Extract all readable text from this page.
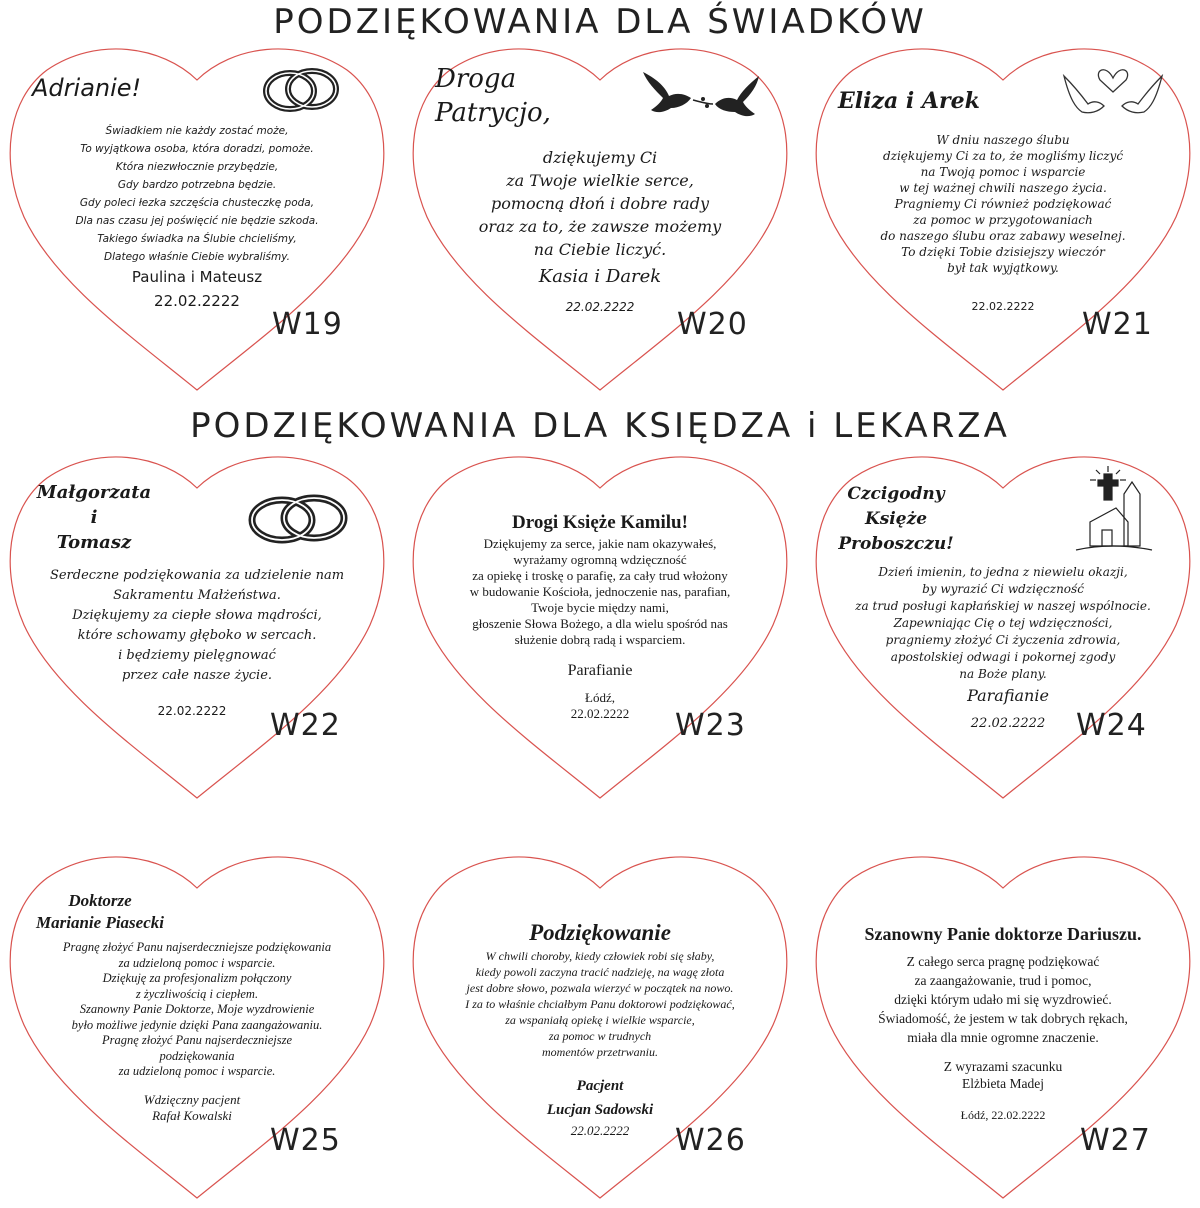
PODZIĘKOWANIA DLA ŚWIADKÓW
PODZIĘKOWANIA DLA KSIĘDZA i LEKARZA
Adrianie!
Świadkiem nie każdy zostać może,
To wyjątkowa osoba, która doradzi, pomoże.
Która niezwłocznie przybędzie,
Gdy bardzo potrzebna będzie.
Gdy poleci łezka szczęścia chusteczkę poda,
Dla nas czasu jej poświęcić nie będzie szkoda.
Takiego świadka na Ślubie chcieliśmy,
Dlatego właśnie Ciebie wybraliśmy.
Paulina i Mateusz
22.02.2222
W19
Droga
Patrycjo,
dziękujemy Ci
za Twoje wielkie serce,
pomocną dłoń i dobre rady
oraz za to, że zawsze możemy
na Ciebie liczyć.
Kasia i Darek
22.02.2222	W20
Eliza i Arek
W dniu naszego ślubu
dziękujemy Ci za to, że mogliśmy liczyć
na Twoją pomoc i wsparcie
w tej ważnej chwili naszego życia.
Pragniemy Ci również podziękować
za pomoc w przygotowaniach
do naszego ślubu oraz zabawy weselnej.
To dzięki Tobie dzisiejszy wieczór
był tak wyjątkowy.
22.02.2222
W21
Małgorzata
i
Tomasz
Serdeczne podziękowania za udzielenie nam
Sakramentu Małżeństwa.
Dziękujemy za ciepłe słowa mądrości,
które schowamy głęboko w sercach.
i będziemy pielęgnować
przez całe nasze życie.
22.02.2222	W22
Drogi Księże Kamilu!
Dziękujemy za serce, jakie nam okazywałeś,
wyrażamy ogromną wdzięczność
za opiekę i troskę o parafię, za cały trud włożony
w budowanie Kościoła, jednoczenie nas, parafian,
Twoje bycie między nami,
głoszenie Słowa Bożego, a dla wielu spośród nas
służenie dobrą radą i wsparciem.
Parafianie
Łódź,
22.02.2222	W23
Czcigodny
Księże
Proboszczu!
Dzień imienin, to jedna z niewielu okazji,
by wyrazić Ci wdzięczność
za trud posługi kapłańskiej w naszej wspólnocie.
Zapewniając Cię o tej wdzięczności,
pragniemy złożyć Ci życzenia zdrowia,
apostolskiej odwagi i pokornej zgody
na Boże plany.
Parafianie
22.02.2222	W24
Doktorze
Marianie Piasecki
Pragnę złożyć Panu najserdeczniejsze podziękowania
za udzieloną pomoc i wsparcie.
Dziękuję za profesjonalizm połączony
z życzliwością i ciepłem.
Szanowny Panie Doktorze, Moje wyzdrowienie
było możliwe jedynie dzięki Pana zaangażowaniu.
Pragnę złożyć Panu najserdeczniejsze
podziękowania
za udzieloną pomoc i wsparcie.
Wdzięczny pacjent
Rafał Kowalski
W25
Podziękowanie
W chwili choroby, kiedy człowiek robi się słaby,
kiedy powoli zaczyna tracić nadzieję, na wagę złota
jest dobre słowo, pozwala wierzyć w początek na nowo.
I za to właśnie chciałbym Panu doktorowi podziękować,
za wspaniałą opiekę i wielkie wsparcie,
za pomoc w trudnych
momentów przetrwaniu.
Pacjent
Lucjan Sadowski
22.02.2222	W26
Szanowny Panie doktorze Dariuszu.
Z całego serca pragnę podziękować
za zaangażowanie, trud i pomoc,
dzięki którym udało mi się wyzdrowieć.
Świadomość, że jestem w tak dobrych rękach,
miała dla mnie ogromne znaczenie.
Z wyrazami szacunku
Elżbieta Madej
Łódź, 22.02.2222
W27
